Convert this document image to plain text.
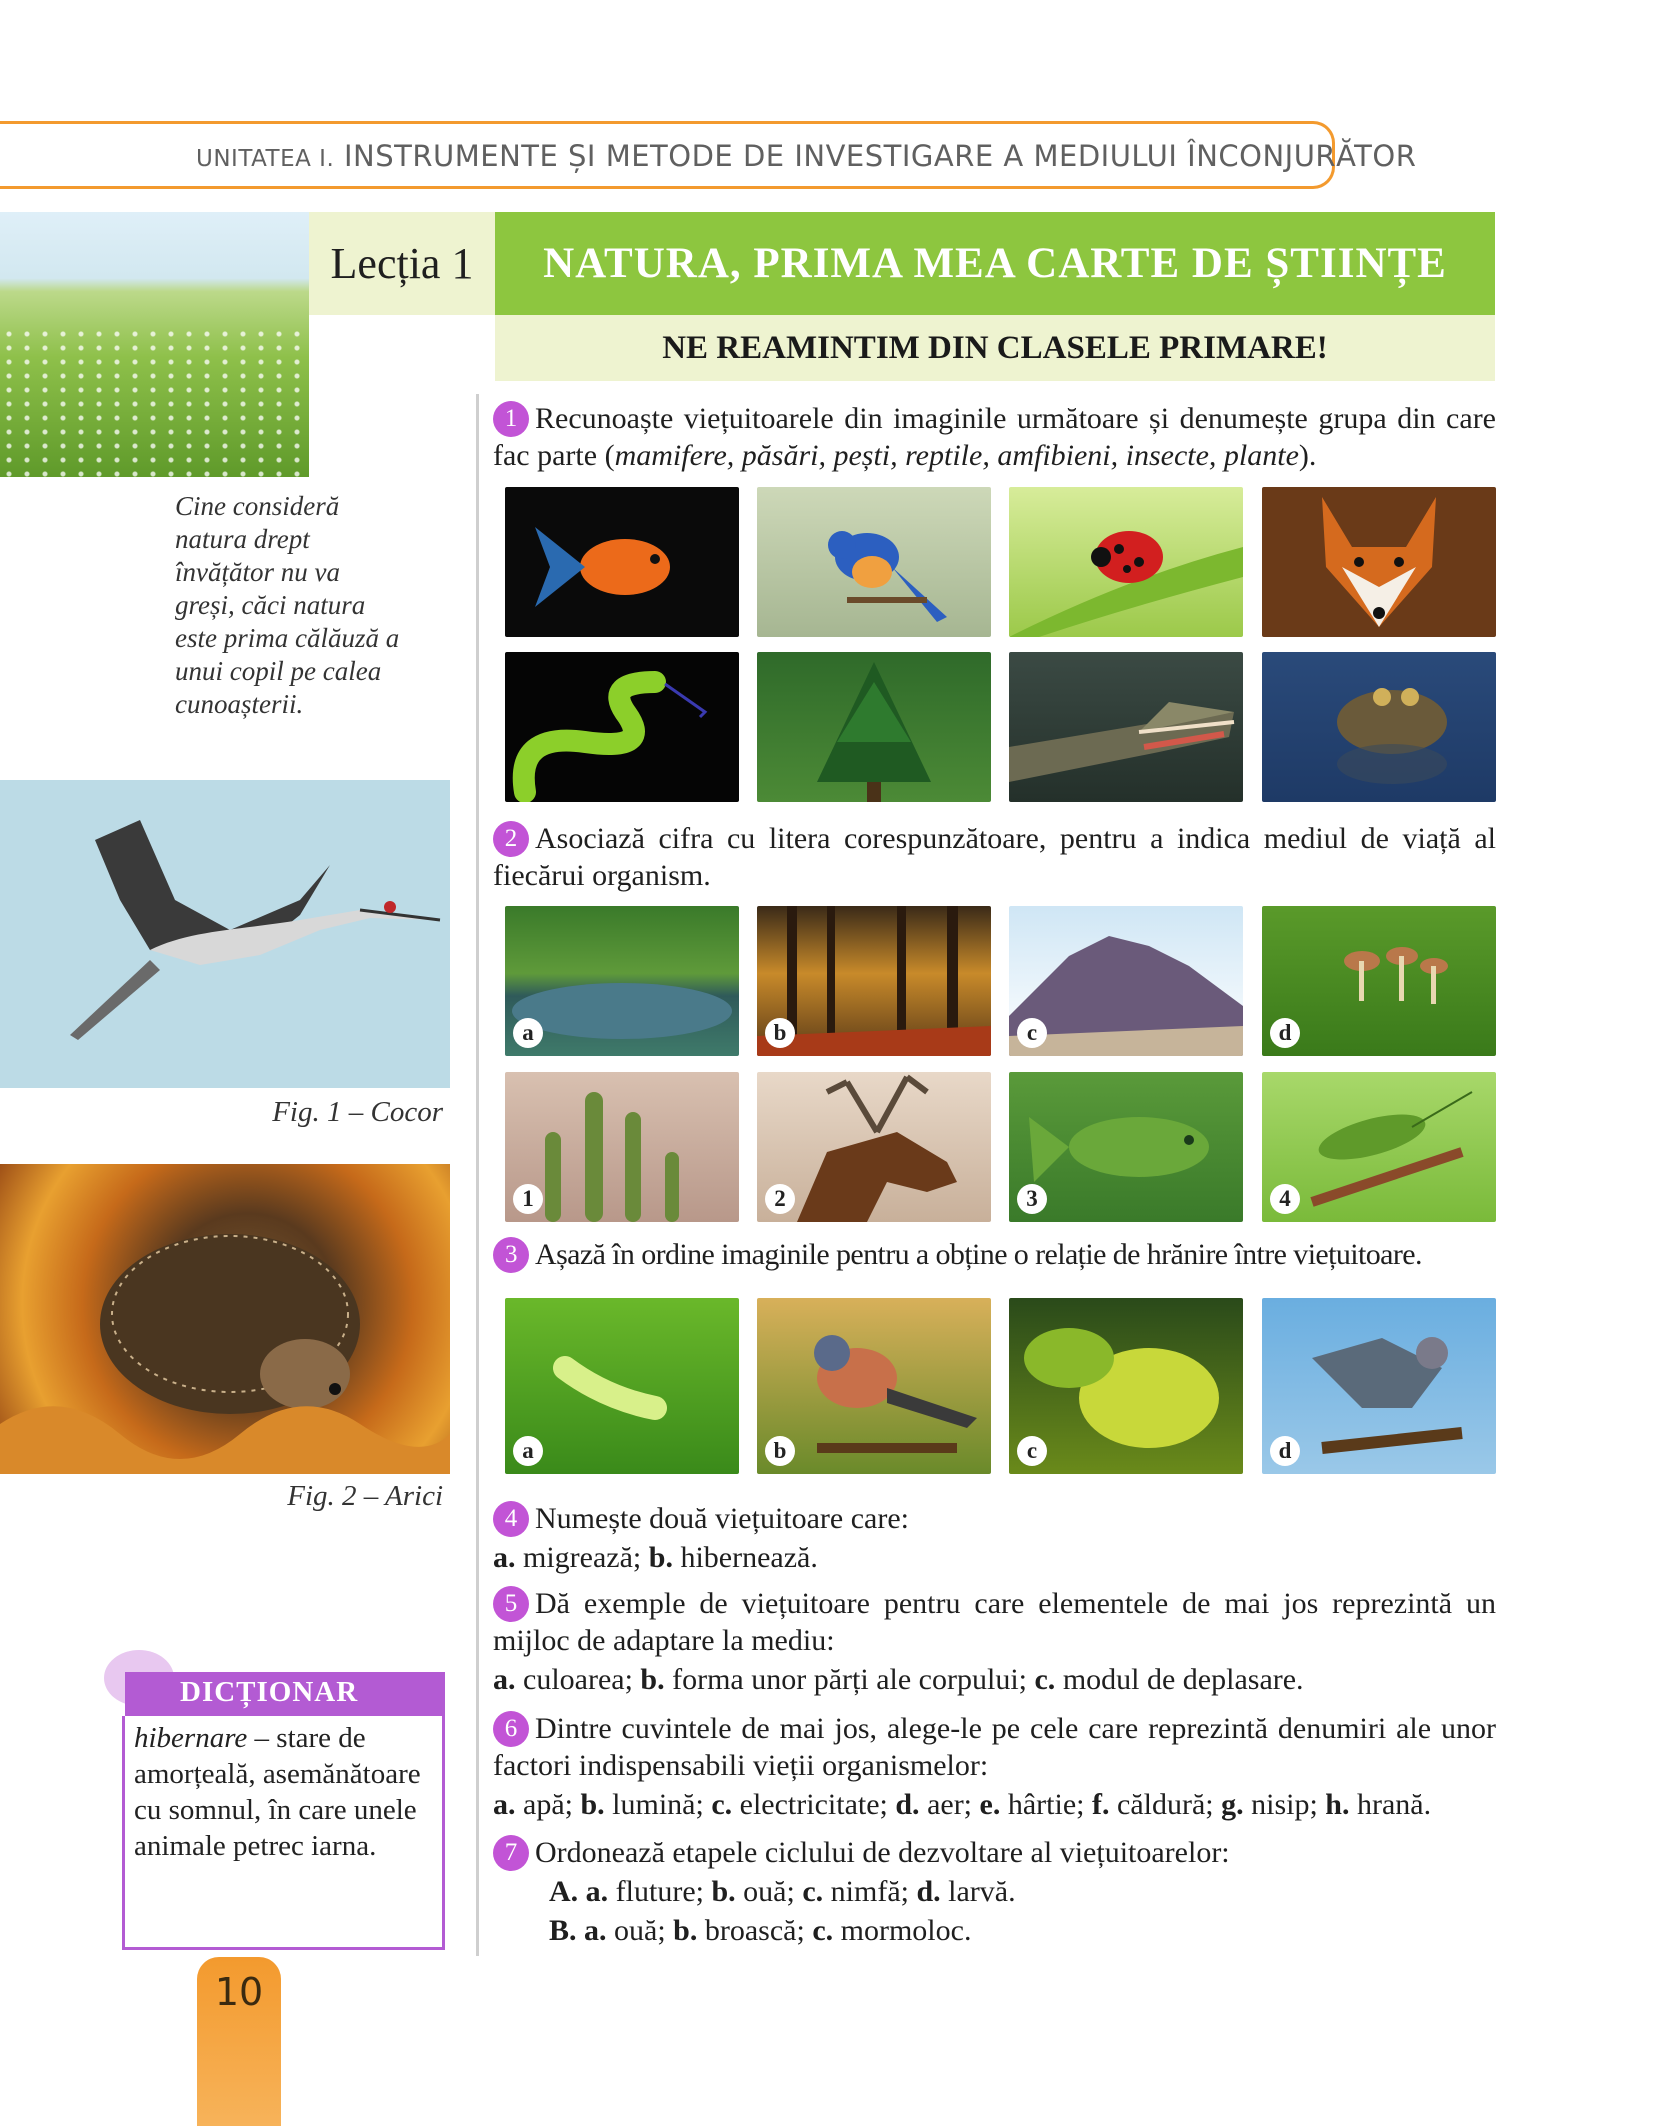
UNITATEA I. INSTRUMENTE ȘI METODE DE INVESTIGARE A MEDIULUI ÎNCONJURĂTOR
Lecția 1	NATURA, PRIMA MEA CARTE DE ȘTIINȚE
NE REAMINTIM DIN CLASELE PRIMARE!
Cine consideră natura drept învățător nu va greși, căci natura este prima călăuză a unui copil pe calea cunoașterii.
Fig. 1 – Cocor
Fig. 2 – Arici
DICȚIONAR
hibernare – stare de amorțeală, asemănătoare cu somnul, în care unele animale petrec iarna.
10
1 Recunoaște viețuitoarele din imaginile următoare și denumește grupa din care fac parte (mamifere, păsări, pești, reptile, amfibieni, insecte, plante).
2 Asociază cifra cu litera corespunzătoare, pentru a indica mediul de viață al fiecărui organism.
a	b	c	d
1	2	3	4
3 Așază în ordine imaginile pentru a obține o relație de hrănire între viețuitoare.
a	b	c	d
4 Numește două viețuitoare care:
a. migrează; b. hibernează.
5 Dă exemple de viețuitoare pentru care elementele de mai jos reprezintă un mijloc de adaptare la mediu:
a. culoarea; b. forma unor părți ale corpului; c. modul de deplasare.
6 Dintre cuvintele de mai jos, alege-le pe cele care reprezintă denumiri ale unor factori indispensabili vieții organismelor:
a. apă; b. lumină; c. electricitate; d. aer; e. hârtie; f. căldură; g. nisip; h. hrană.
7 Ordonează etapele ciclului de dezvoltare al viețuitoarelor:
A. a. fluture; b. ouă; c. nimfă; d. larvă.
B. a. ouă; b. broască; c. mormoloc.
